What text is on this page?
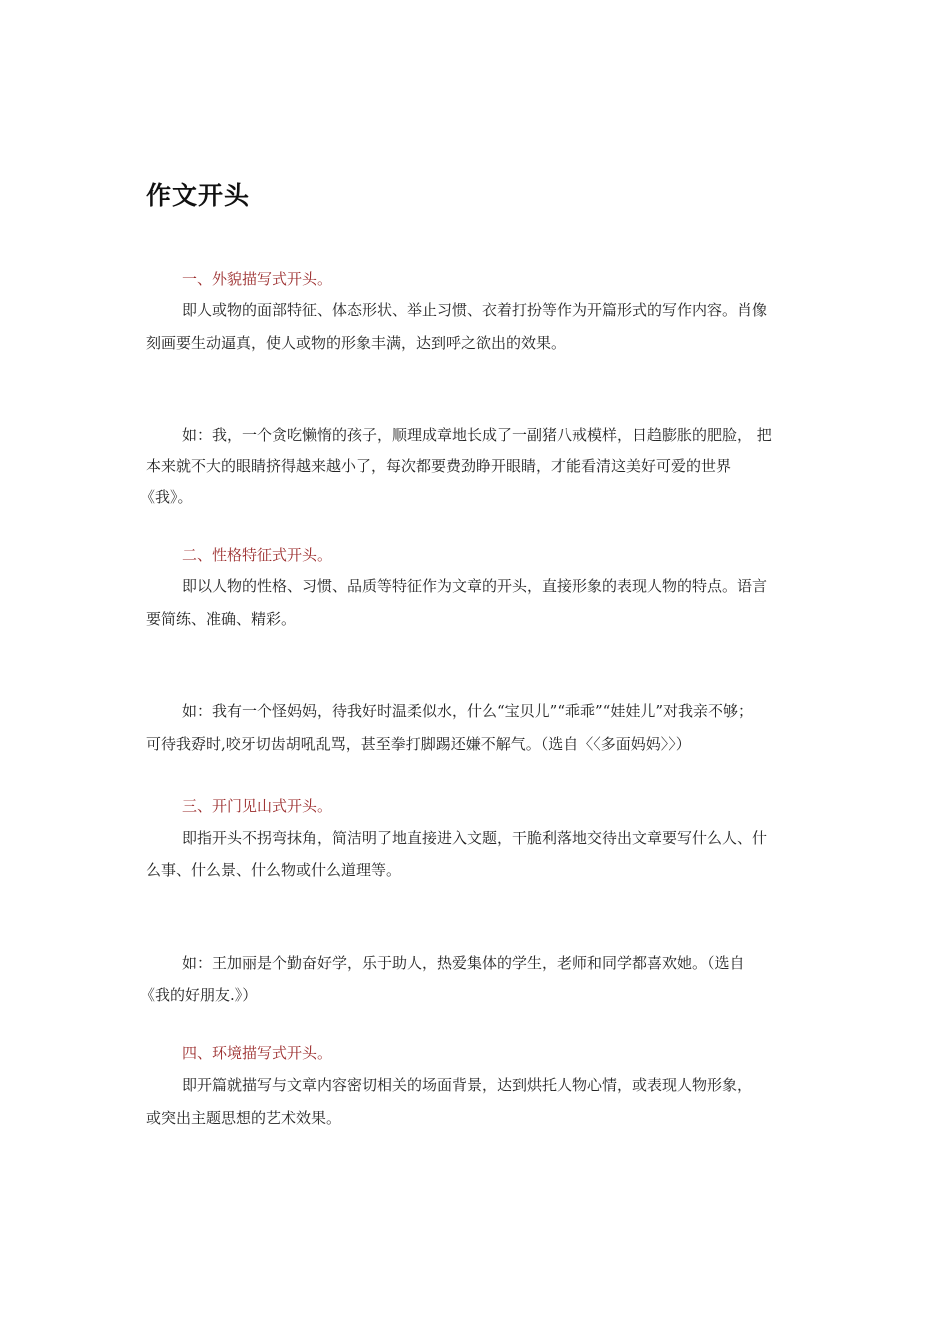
作文开头
一、外貌描写式开头。
即人或物的面部特征、体态形状、举止习惯、衣着打扮等作为开篇形式的写作内容。肖像
刻画要生动逼真，使人或物的形象丰满，达到呼之欲出的效果。
如：我，一个贪吃懒惰的孩子，顺理成章地长成了一副猪八戒模样，日趋膨胀的肥脸， 把
本来就不大的眼睛挤得越来越小了，每次都要费劲睁开眼睛，才能看清这美好可爱的世界
《我》。
二、性格特征式开头。
即以人物的性格、习惯、品质等特征作为文章的开头，直接形象的表现人物的特点。语言
要简练、准确、精彩。
如：我有一个怪妈妈，待我好时温柔似水，什么“宝贝儿”“乖乖”“娃娃儿”对我亲不够；
可待我孬时,咬牙切齿胡吼乱骂，甚至拳打脚踢还嫌不解气。（选自〈〈多面妈妈〉〉）
三、开门见山式开头。
即指开头不拐弯抹角，简洁明了地直接进入文题，干脆利落地交待出文章要写什么人、什
么事、什么景、什么物或什么道理等。
如：王加丽是个勤奋好学，乐于助人，热爱集体的学生，老师和同学都喜欢她。（选自
《我的好朋友.》）
四、环境描写式开头。
即开篇就描写与文章内容密切相关的场面背景，达到烘托人物心情，或表现人物形象，
或突出主题思想的艺术效果。
